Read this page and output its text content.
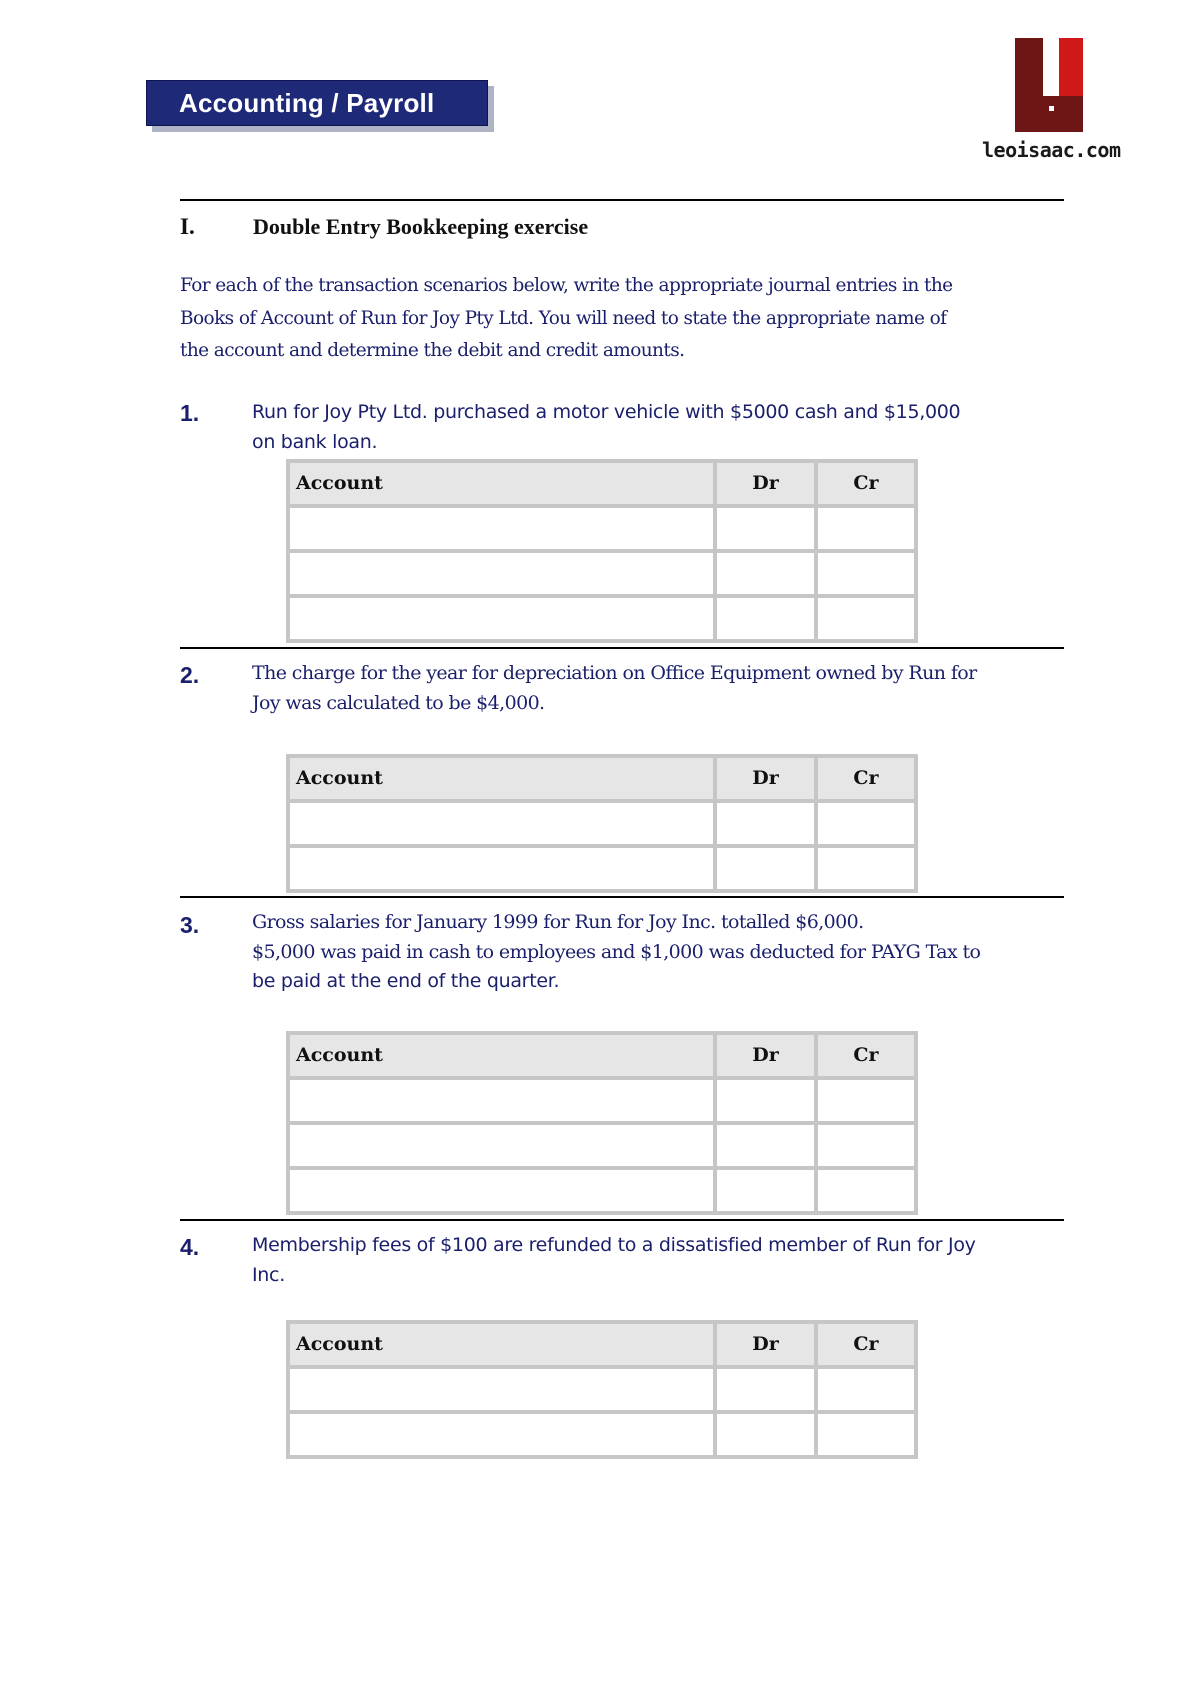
Accounting / Payroll
leoisaac.com
I.	Double Entry Bookkeeping exercise
For each of the transaction scenarios below, write the appropriate journal entries in the
Books of Account of Run for Joy Pty Ltd. You will need to state the appropriate name of
the account and determine the debit and credit amounts.
1.	Run for Joy Pty Ltd. purchased a motor vehicle with $5000 cash and $15,000
on bank loan.
Account	Dr	Cr
2.	The charge for the year for depreciation on Office Equipment owned by Run for
Joy was calculated to be $4,000.
Account	Dr	Cr
3.	Gross salaries for January 1999 for Run for Joy Inc. totalled $6,000.
$5,000 was paid in cash to employees and $1,000 was deducted for PAYG Tax to
be paid at the end of the quarter.
Account	Dr	Cr
4.	Membership fees of $100 are refunded to a dissatisfied member of Run for Joy
Inc.
Account	Dr	Cr
